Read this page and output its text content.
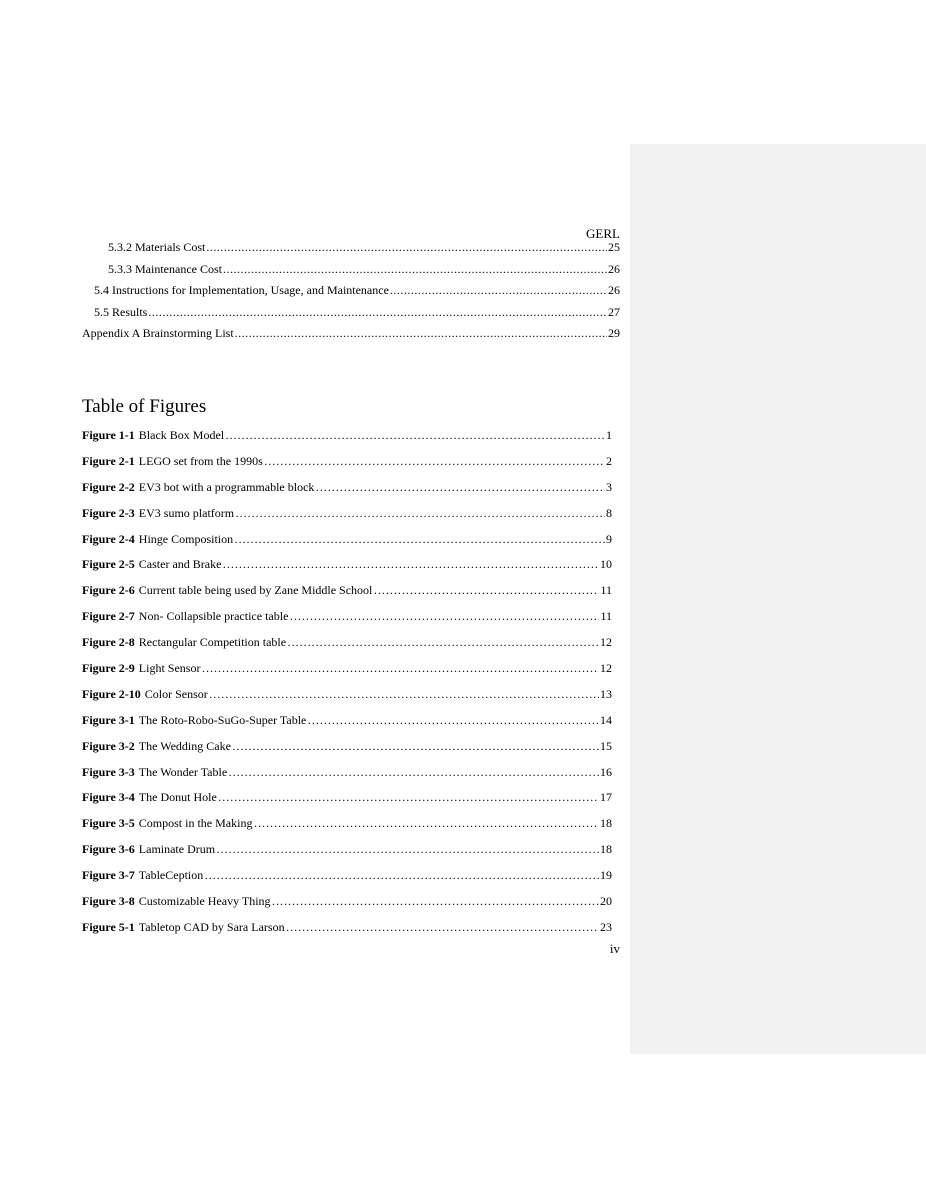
GERL
5.3.2 Materials Cost .....	25
5.3.3 Maintenance Cost .....	26
5.4 Instructions for Implementation, Usage, and Maintenance .....	26
5.5 Results .....	27
Appendix A Brainstorming List .....	29
Table of Figures
Figure 1-1 Black Box Model ……………………………………………………………………………………………………………………………………………………………………………………	1
Figure 2-1 LEGO set from the 1990s ……………………………………………………………………………………………………………………………………………………………………………………	2
Figure 2-2 EV3 bot with a programmable block ……………………………………………………………………………………………………………………………………………………………………………………	3
Figure 2-3 EV3 sumo platform ……………………………………………………………………………………………………………………………………………………………………………………	8
Figure 2-4 Hinge Composition ……………………………………………………………………………………………………………………………………………………………………………………	9
Figure 2-5 Caster and Brake ……………………………………………………………………………………………………………………………………………………………………………………	10
Figure 2-6 Current table being used by Zane Middle School ……………………………………………………………………………………………………………………………………………………………………………………	11
Figure 2-7 Non- Collapsible practice table ……………………………………………………………………………………………………………………………………………………………………………………	11
Figure 2-8 Rectangular Competition table ……………………………………………………………………………………………………………………………………………………………………………………	12
Figure 2-9 Light Sensor ……………………………………………………………………………………………………………………………………………………………………………………	12
Figure 2-10 Color Sensor ……………………………………………………………………………………………………………………………………………………………………………………	13
Figure 3-1 The Roto-Robo-SuGo-Super Table ……………………………………………………………………………………………………………………………………………………………………………………	14
Figure 3-2 The Wedding Cake ……………………………………………………………………………………………………………………………………………………………………………………	15
Figure 3-3 The Wonder Table ……………………………………………………………………………………………………………………………………………………………………………………	16
Figure 3-4 The Donut Hole ……………………………………………………………………………………………………………………………………………………………………………………	17
Figure 3-5 Compost in the Making ……………………………………………………………………………………………………………………………………………………………………………………	18
Figure 3-6 Laminate Drum ……………………………………………………………………………………………………………………………………………………………………………………	18
Figure 3-7 TableCeption ……………………………………………………………………………………………………………………………………………………………………………………	19
Figure 3-8 Customizable Heavy Thing ……………………………………………………………………………………………………………………………………………………………………………………	20
Figure 5-1 Tabletop CAD by Sara Larson ……………………………………………………………………………………………………………………………………………………………………………………	23
iv
